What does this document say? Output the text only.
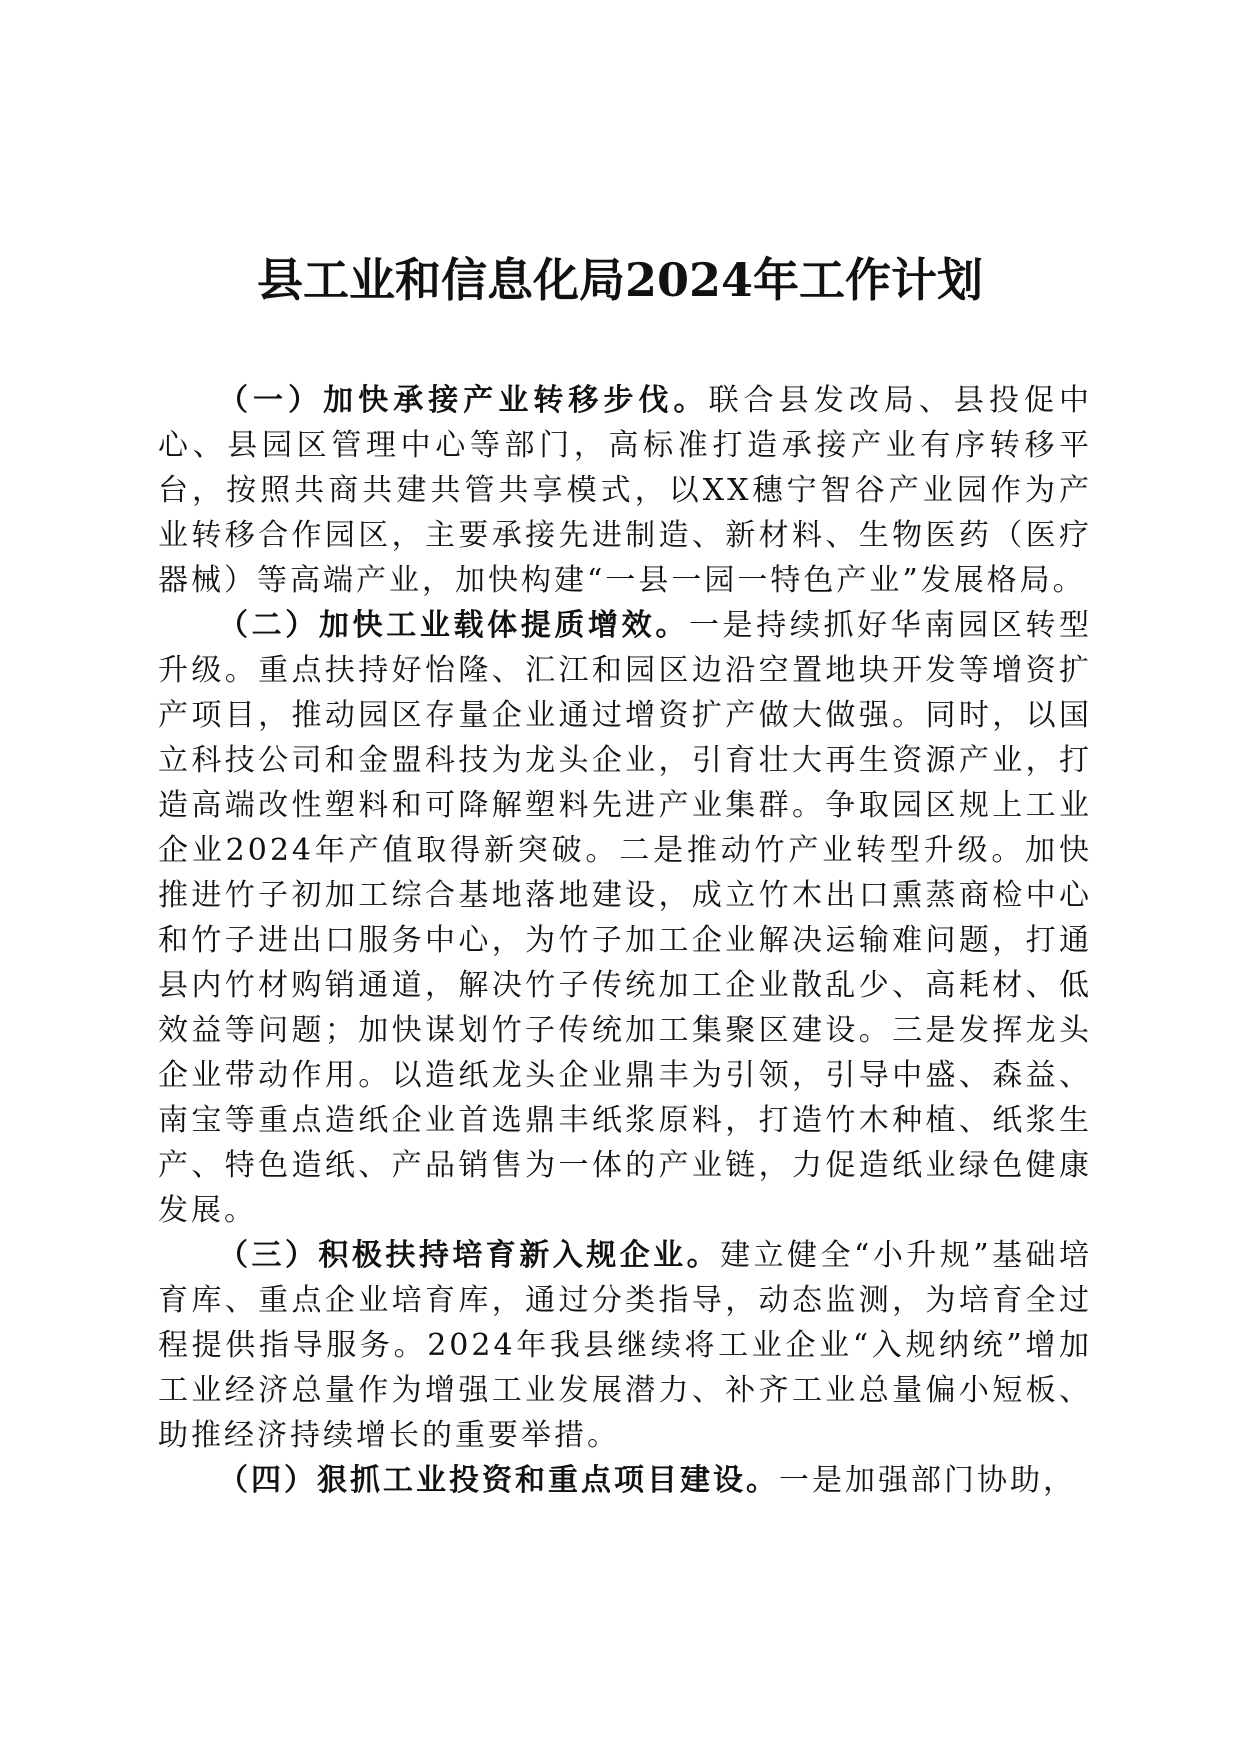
县工业和信息化局2024年工作计划

（一）加快承接产业转移步伐。联合县发改局、县投促中心、县园区管理中心等部门，高标准打造承接产业有序转移平台，按照共商共建共管共享模式，以XX穗宁智谷产业园作为产业转移合作园区，主要承接先进制造、新材料、生物医药（医疗器械）等高端产业，加快构建“一县一园一特色产业”发展格局。

（二）加快工业载体提质增效。一是持续抓好华南园区转型升级。重点扶持好怡隆、汇江和园区边沿空置地块开发等增资扩产项目，推动园区存量企业通过增资扩产做大做强。同时，以国立科技公司和金盟科技为龙头企业，引育壮大再生资源产业，打造高端改性塑料和可降解塑料先进产业集群。争取园区规上工业企业2024年产值取得新突破。二是推动竹产业转型升级。加快推进竹子初加工综合基地落地建设，成立竹木出口熏蒸商检中心和竹子进出口服务中心，为竹子加工企业解决运输难问题，打通县内竹材购销通道，解决竹子传统加工企业散乱少、高耗材、低效益等问题；加快谋划竹子传统加工集聚区建设。三是发挥龙头企业带动作用。以造纸龙头企业鼎丰为引领，引导中盛、森益、南宝等重点造纸企业首选鼎丰纸浆原料，打造竹木种植、纸浆生产、特色造纸、产品销售为一体的产业链，力促造纸业绿色健康发展。

（三）积极扶持培育新入规企业。建立健全“小升规”基础培育库、重点企业培育库，通过分类指导，动态监测，为培育全过程提供指导服务。2024年我县继续将工业企业“入规纳统”增加工业经济总量作为增强工业发展潜力、补齐工业总量偏小短板、助推经济持续增长的重要举措。

（四）狠抓工业投资和重点项目建设。一是加强部门协助，
